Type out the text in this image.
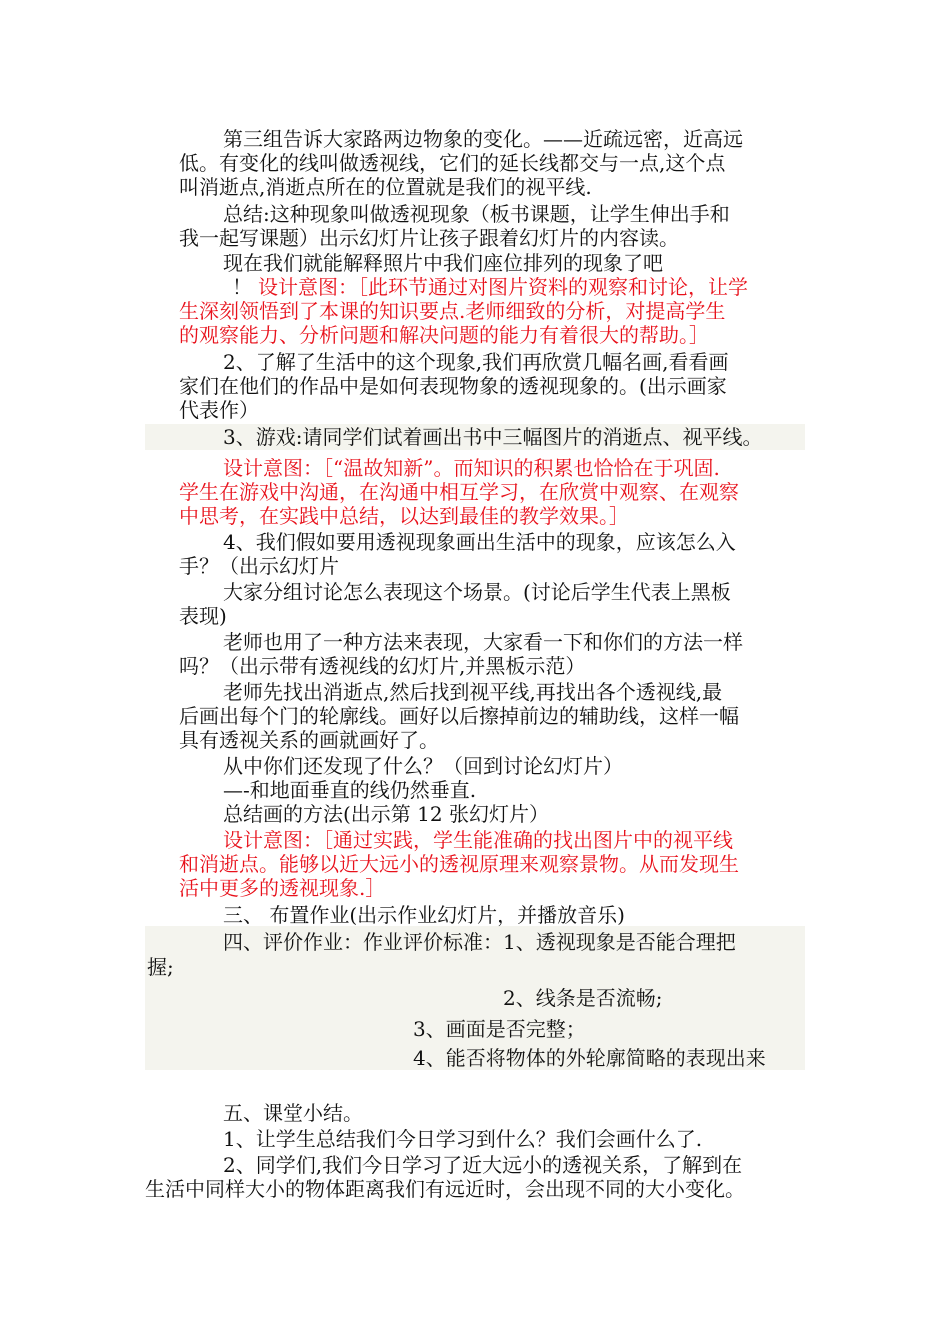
第三组告诉大家路两边物象的变化。——近疏远密，近高远
低。有变化的线叫做透视线，它们的延长线都交与一点,这个点
叫消逝点,消逝点所在的位置就是我们的视平线.
总结:这种现象叫做透视现象（板书课题，让学生伸出手和
我一起写课题）出示幻灯片让孩子跟着幻灯片的内容读。
现在我们就能解释照片中我们座位排列的现象了吧
！ 设计意图：［此环节通过对图片资料的观察和讨论，让学
生深刻领悟到了本课的知识要点.老师细致的分析，对提高学生
的观察能力、分析问题和解决问题的能力有着很大的帮助。］
2、了解了生活中的这个现象,我们再欣赏几幅名画,看看画
家们在他们的作品中是如何表现物象的透视现象的。(出示画家
代表作）
3、游戏:请同学们试着画出书中三幅图片的消逝点、视平线。
设计意图：［“温故知新”。而知识的积累也恰恰在于巩固.
学生在游戏中沟通，在沟通中相互学习，在欣赏中观察、在观察
中思考，在实践中总结，以达到最佳的教学效果。］
4、我们假如要用透视现象画出生活中的现象，应该怎么入
手？（出示幻灯片
大家分组讨论怎么表现这个场景。(讨论后学生代表上黑板
表现)
老师也用了一种方法来表现，大家看一下和你们的方法一样
吗？（出示带有透视线的幻灯片,并黑板示范）
老师先找出消逝点,然后找到视平线,再找出各个透视线,最
后画出每个门的轮廓线。画好以后擦掉前边的辅助线，这样一幅
具有透视关系的画就画好了。
从中你们还发现了什么？（回到讨论幻灯片）
—-和地面垂直的线仍然垂直.
总结画的方法(出示第 12 张幻灯片）
设计意图：［通过实践，学生能准确的找出图片中的视平线
和消逝点。能够以近大远小的透视原理来观察景物。从而发现生
活中更多的透视现象.］
三、 布置作业(出示作业幻灯片，并播放音乐)
四、评价作业：作业评价标准：1、透视现象是否能合理把
握;
2、线条是否流畅;
3、画面是否完整；
4、能否将物体的外轮廓简略的表现出来
五、课堂小结。
1、让学生总结我们今日学习到什么？我们会画什么了.
2、同学们,我们今日学习了近大远小的透视关系，了解到在
生活中同样大小的物体距离我们有远近时，会出现不同的大小变化。
